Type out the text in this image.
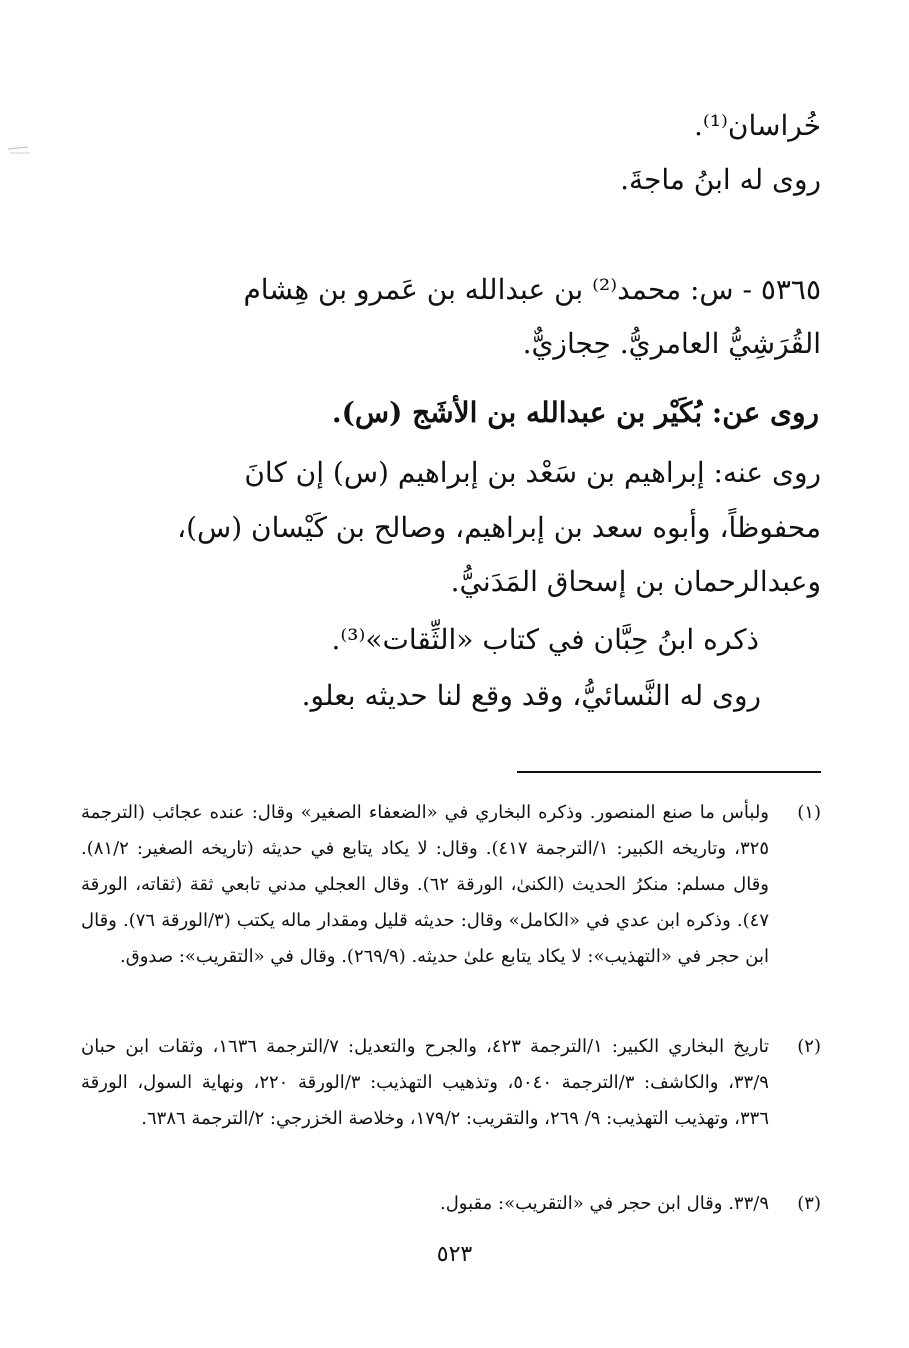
خُراسان⁽¹⁾.
روى له ابنُ ماجةَ.
٥٣٦٥ - س: محمد⁽²⁾ بن عبدالله بن عَمرو بن هِشام
القُرَشِيُّ العامريُّ. حِجازيٌّ.
روى عن: بُكَيْر بن عبدالله بن الأشَج (س).
روى عنه: إبراهيم بن سَعْد بن إبراهيم (س) إن كانَ
محفوظاً، وأبوه سعد بن إبراهيم، وصالح بن كَيْسان (س)،
وعبدالرحمان بن إسحاق المَدَنيُّ.
ذكره ابنُ حِبَّان في كتاب «الثِّقات»⁽³⁾.
روى له النَّسائيُّ، وقد وقع لنا حديثه بعلو.
(١)
ولبأس ما صنع المنصور. وذكره البخاري في «الضعفاء الصغير» وقال: عنده عجائب (الترجمة ٣٢٥، وتاريخه الكبير: ١/الترجمة ٤١٧). وقال: لا يكاد يتابع في حديثه (تاريخه الصغير: ٨١/٢). وقال مسلم: منكرُ الحديث (الكنىٰ، الورقة ٦٢). وقال العجلي مدني تابعي ثقة (ثقاته، الورقة ٤٧). وذكره ابن عدي في «الكامل» وقال: حديثه قليل ومقدار ماله يكتب (٣/الورقة ٧٦). وقال ابن حجر في «التهذيب»: لا يكاد يتابع علىٰ حديثه. (٢٦٩/٩). وقال في «التقريب»: صدوق.
(٢)
تاريخ البخاري الكبير: ١/الترجمة ٤٢٣، والجرح والتعديل: ٧/الترجمة ١٦٣٦، وثقات ابن حبان ٣٣/٩، والكاشف: ٣/الترجمة ٥٠٤٠، وتذهيب التهذيب: ٣/الورقة ٢٢٠، ونهاية السول، الورقة ٣٣٦، وتهذيب التهذيب: ٩/ ٢٦٩، والتقريب: ١٧٩/٢، وخلاصة الخزرجي: ٢/الترجمة ٦٣٨٦.
(٣)
٣٣/٩. وقال ابن حجر في «التقريب»: مقبول.
٥٢٣
